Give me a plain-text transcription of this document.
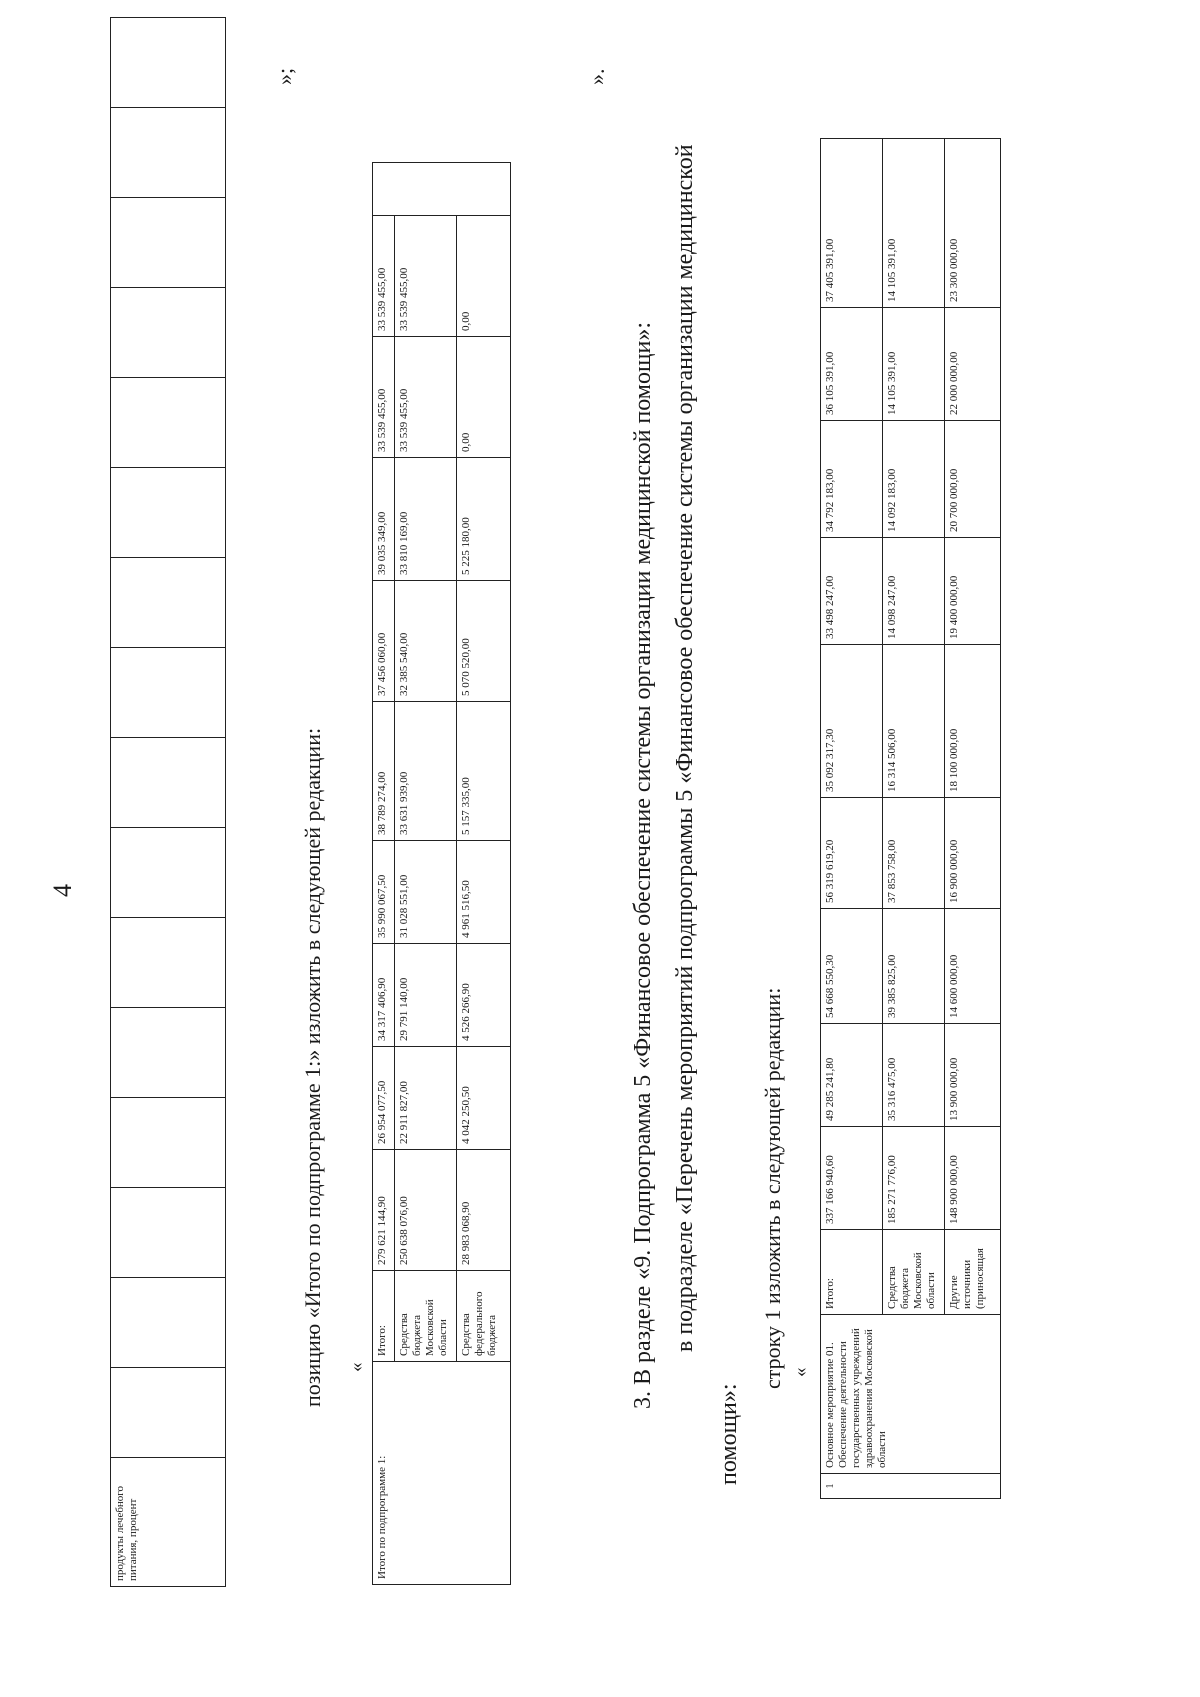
4
продукты лечебного питания, процент																
»;
позицию «Итого по подпрограмме 1:» изложить в следующей редакции: «
Итого по подпрограмме 1:	Итого:	279 621 144,90	26 954 077,50	34 317 406,90	35 990 067,50	38 789 274,00	37 456 060,00	39 035 349,00	33 539 455,00	33 539 455,00	
	Средства бюджета Московской области	250 638 076,00	22 911 827,00	29 791 140,00	31 028 551,00	33 631 939,00	32 385 540,00	33 810 169,00	33 539 455,00	33 539 455,00	
	Средства федерального бюджета	28 983 068,90	4 042 250,50	4 526 266,90	4 961 516,50	5 157 335,00	5 070 520,00	5 225 180,00	0,00	0,00	
».
3. В разделе «9. Подпрограмма 5 «Финансовое обеспечение системы организации медицинской помощи»: в подразделе «Перечень мероприятий подпрограммы 5 «Финансовое обеспечение системы организации медицинской
помощи»:
строку 1 изложить в следующей редакции: «
1	Основное мероприятие 01. Обеспечение деятельности государственных учреждений здравоохранения Московской области	Итого:	337 166 940,60	49 285 241,80	54 668 550,30	56 319 619,20	35 092 317,30	33 498 247,00	34 792 183,00	36 105 391,00	37 405 391,00
		Средства бюджета Московской области	185 271 776,00	35 316 475,00	39 385 825,00	37 853 758,00	16 314 506,00	14 098 247,00	14 092 183,00	14 105 391,00	14 105 391,00
		Другие источники (приносящая	148 900 000,00	13 900 000,00	14 600 000,00	16 900 000,00	18 100 000,00	19 400 000,00	20 700 000,00	22 000 000,00	23 300 000,00
